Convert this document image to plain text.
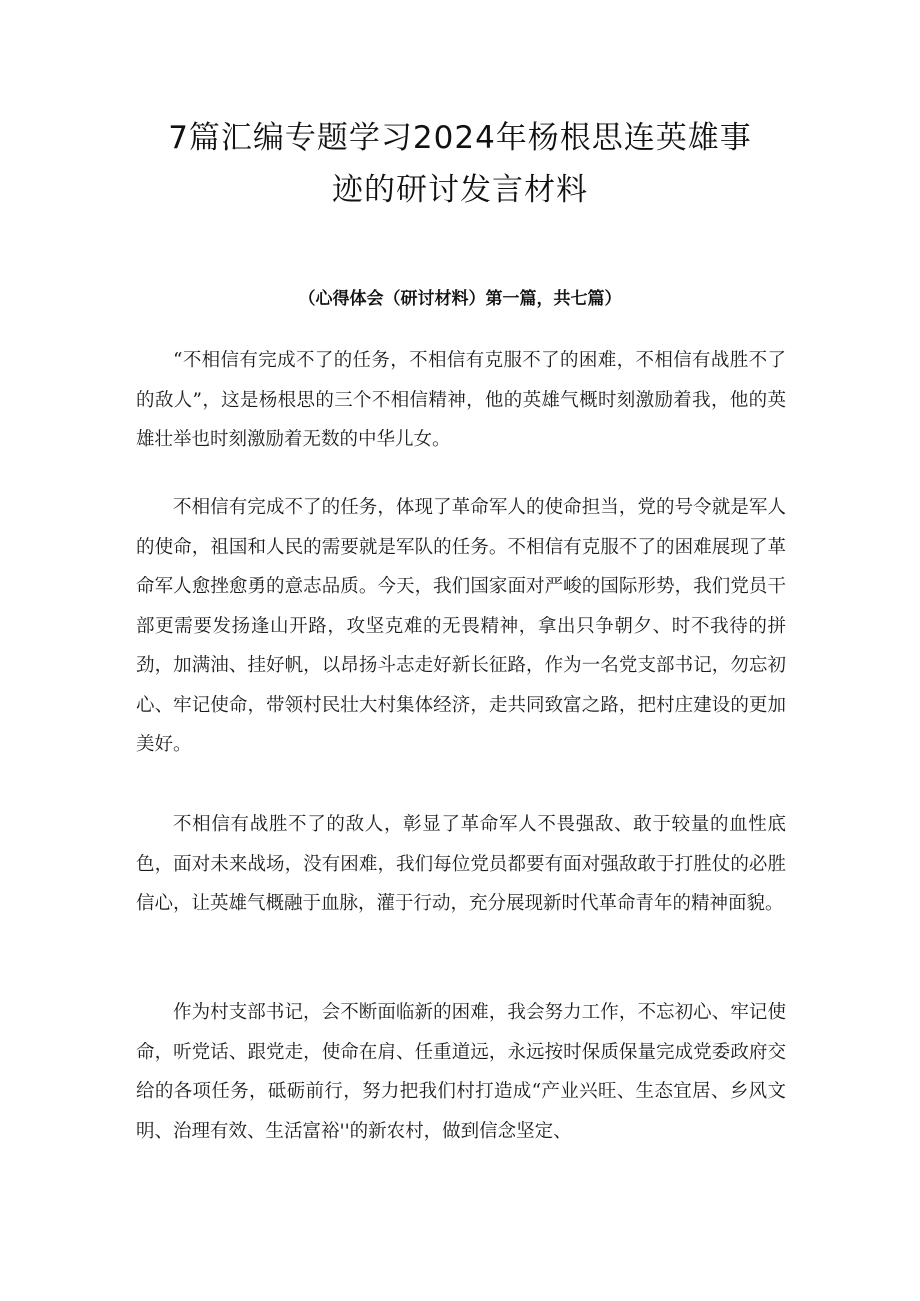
7篇汇编专题学习2024年杨根思连英雄事
迹的研讨发言材料
（心得体会（研讨材料）第一篇，共七篇）

“不相信有完成不了的任务，不相信有克服不了的困难，不相信有战胜不了的敌人”，这是杨根思的三个不相信精神，他的英雄气概时刻激励着我，他的英雄壮举也时刻激励着无数的中华儿女。

不相信有完成不了的任务，体现了革命军人的使命担当，党的号令就是军人的使命，祖国和人民的需要就是军队的任务。不相信有克服不了的困难展现了革命军人愈挫愈勇的意志品质。今天，我们国家面对严峻的国际形势，我们党员干部更需要发扬逢山开路，攻坚克难的无畏精神，拿出只争朝夕、时不我待的拼劲，加满油、挂好帆，以昂扬斗志走好新长征路，作为一名党支部书记，勿忘初心、牢记使命，带领村民壮大村集体经济，走共同致富之路，把村庄建设的更加美好。

不相信有战胜不了的敌人，彰显了革命军人不畏强敌、敢于较量的血性底色，面对未来战场，没有困难，我们每位党员都要有面对强敌敢于打胜仗的必胜信心，让英雄气概融于血脉，灌于行动，充分展现新时代革命青年的精神面貌。

作为村支部书记，会不断面临新的困难，我会努力工作，不忘初心、牢记使命，听党话、跟党走，使命在肩、任重道远，永远按时保质保量完成党委政府交给的各项任务，砥砺前行，努力把我们村打造成“产业兴旺、生态宜居、乡风文明、治理有效、生活富裕''的新农村，做到信念坚定、
